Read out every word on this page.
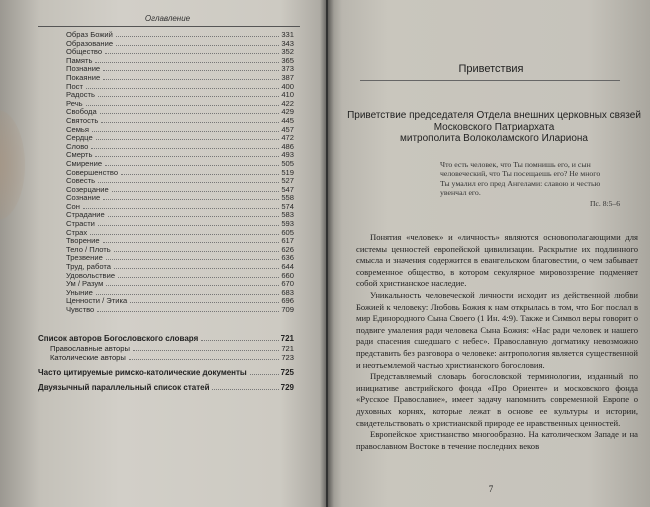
Оглавление
Образ Божий	331
Образование	343
Общество	352
Память	365
Познание	373
Покаяние	387
Пост	400
Радость	410
Речь	422
Свобода	429
Святость	445
Семья	457
Сердце	472
Слово	486
Смерть	493
Смирение	505
Совершенство	519
Совесть	527
Созерцание	547
Сознание	558
Сон	574
Страдание	583
Страсти	593
Страх	605
Творение	617
Тело / Плоть	626
Трезвение	636
Труд, работа	644
Удовольствие	660
Ум / Разум	670
Уныние	683
Ценности / Этика	696
Чувство	709
Список авторов Богословского словаря	721
Православные авторы	721
Католические авторы	723
Часто цитируемые римско-католические документы	725
Двуязычный параллельный список статей	729
Приветствия
Приветствие председателя Отдела внешних церковных связей
Московского Патриархата
митрополита Волоколамского Илариона
Что есть человек, что Ты помнишь его, и сын
человеческий, что Ты посещаешь его? Не много
Ты умалил его пред Ангелами: славою и честью
увенчал его.
Пс. 8:5–6

Понятия «человек» и «личность» являются основополагающими для системы ценностей европейской цивилизации. Раскрытие их подлинного смысла и значения содержится в евангельском благовестии, о чем забывает современное общество, в котором секулярное мировоззрение подменяет собой христианское наследие.

Уникальность человеческой личности исходит из действенной любви Божией к человеку: Любовь Божия к нам открылась в том, что Бог послал в мир Единородного Сына Своего (1 Ин. 4:9). Также и Символ веры говорит о подвиге умаления ради человека Сына Божия: «Нас ради человек и нашего ради спасения сшедшаго с небес». Православную догматику невозможно представить без разговора о человеке: антропология является существенной и неотъемлемой частью христианского богословия.

Представляемый словарь богословской терминологии, изданный по инициативе австрийского фонда «Про Ориенте» и московского фонда «Русское Православие», имеет задачу напомнить современной Европе о духовных корнях, которые лежат в основе ее культуры и истории, свидетельствовать о христианской природе ее нравственных ценностей.

Европейское христианство многообразно. На католическом Западе и на православном Востоке в течение последних веков

7
